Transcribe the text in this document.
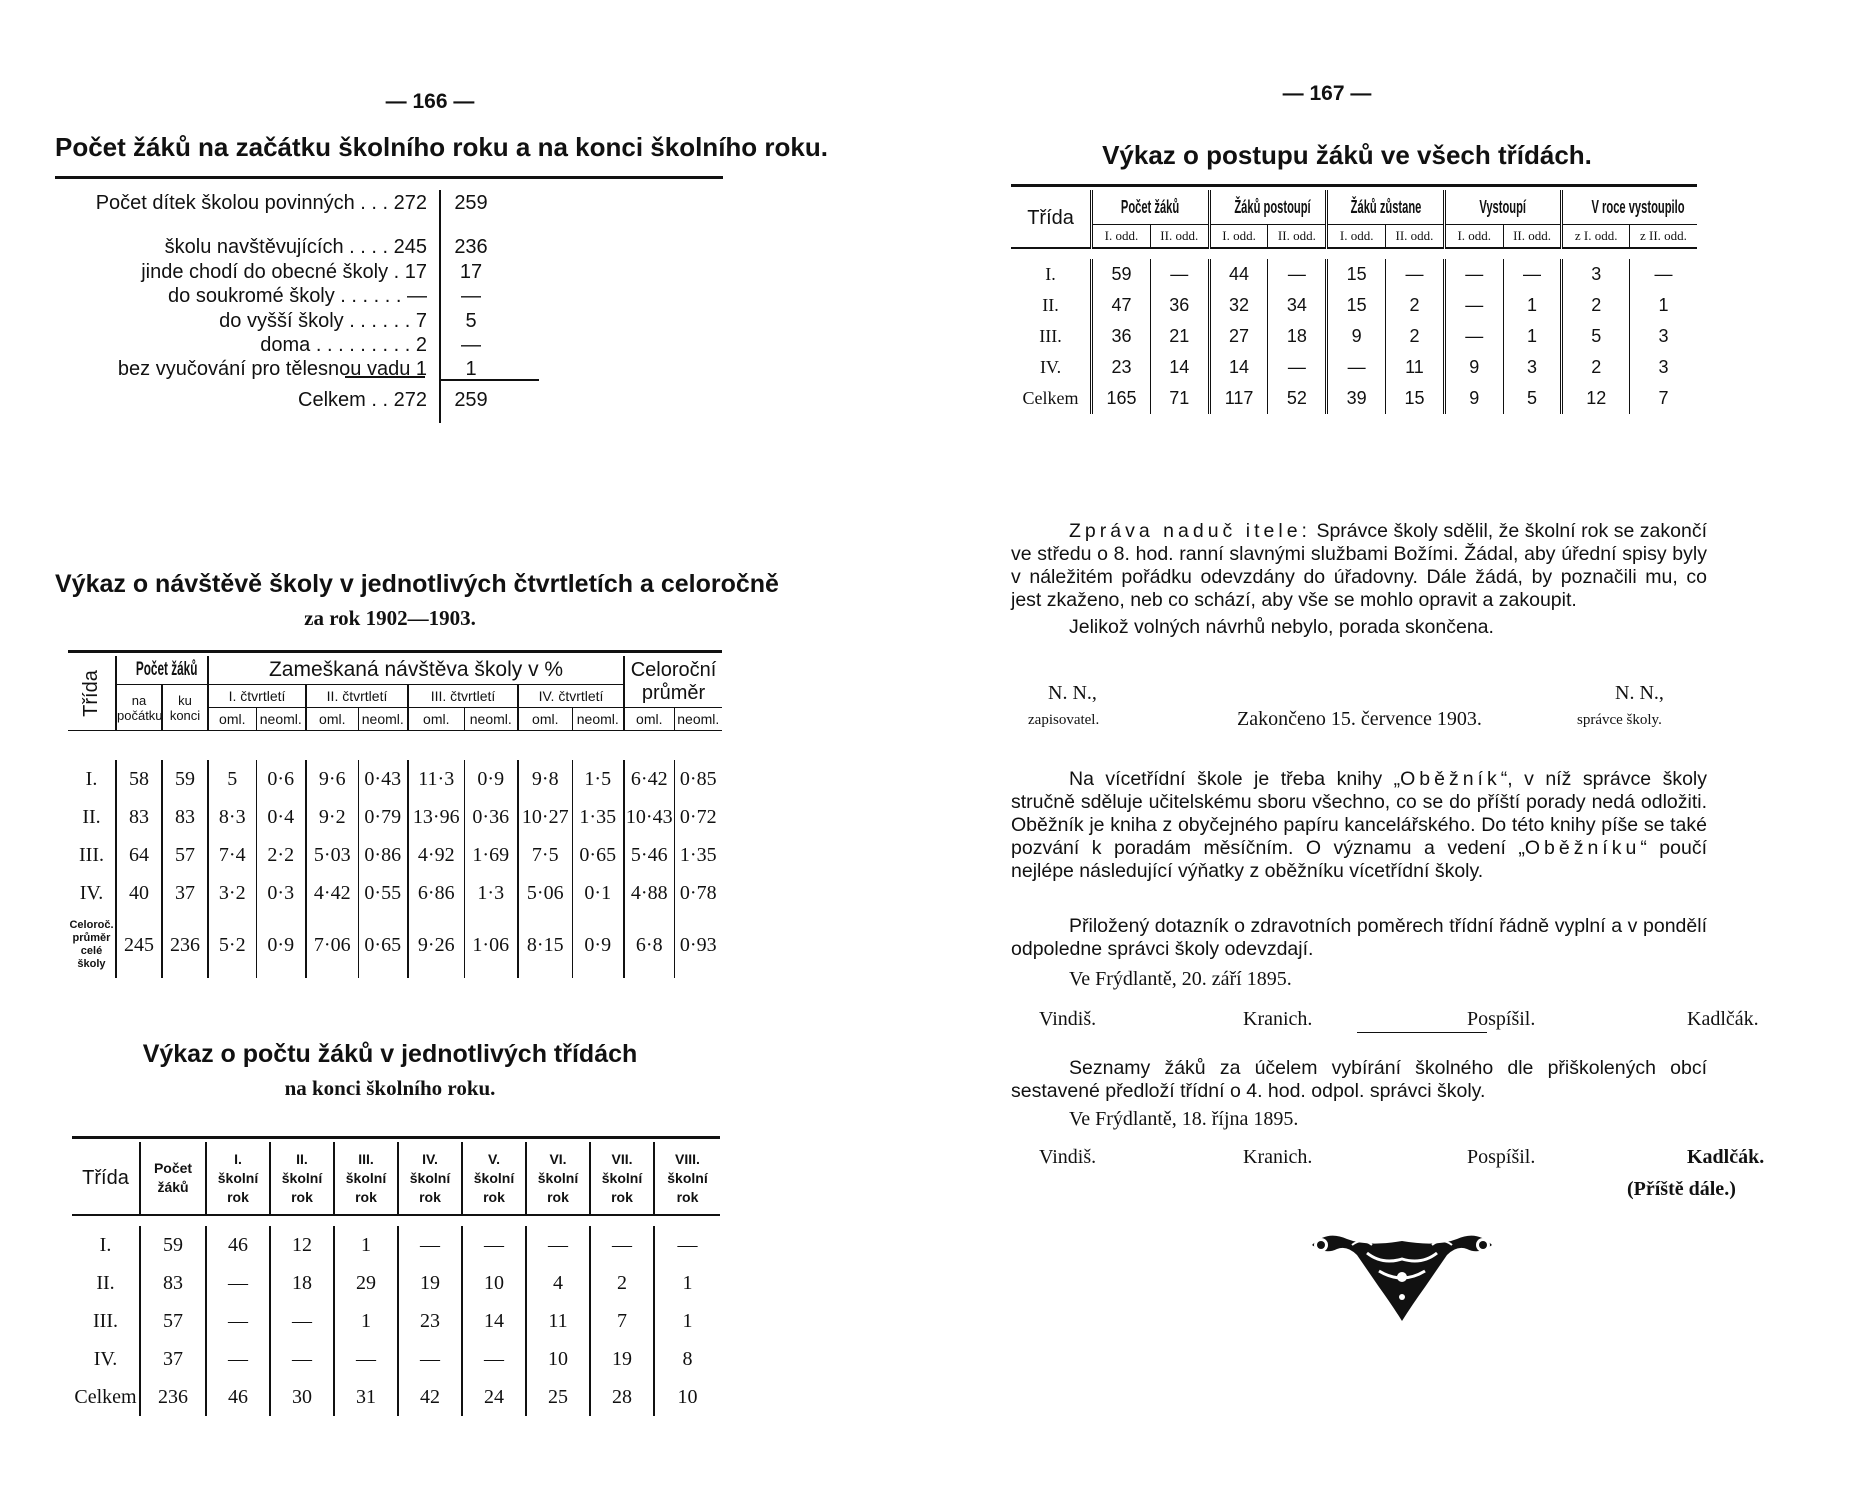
— 166 —
Počet žáků na začátku školního roku a na konci školního roku.
Počet dítek školou povinných . . . 272	259
školu navštěvujících . . . . 245	236
jinde chodí do obecné školy . 17	17
do soukromé školy . . . . . . —	—
do vyšší školy . . . . . . 7	5
doma . . . . . . . . . 2	—
bez vyučování pro tělesnou vadu 1	1
Celkem . . 272	259
Výkaz o návštěvě školy v jednotlivých čtvrtletích a celoročně
za rok 1902—1903.
Třída	Počet žáků		Zameškaná návštěva školy v %								Celoroční průměr	
	na počátku	ku konci	I. čtvrtletí		II. čtvrtletí		III. čtvrtletí		IV. čtvrtletí			
			oml.	neoml.	oml.	neoml.	oml.	neoml.	oml.	neoml.	oml.	neoml.

I.	58	59	5	0·6	9·6	0·43	11·3	0·9	9·8	1·5	6·42	0·85
II.	83	83	8·3	0·4	9·2	0·79	13·96	0·36	10·27	1·35	10·43	0·72
III.	64	57	7·4	2·2	5·03	0·86	4·92	1·69	7·5	0·65	5·46	1·35
IV.	40	37	3·2	0·3	4·42	0·55	6·86	1·3	5·06	0·1	4·88	0·78
Celoroč. průměr celé školy	245	236	5·2	0·9	7·06	0·65	9·26	1·06	8·15	0·9	6·8	0·93
Výkaz o počtu žáků v jednotlivých třídách
na konci školního roku.
Třída	Počet žáků	I. školní rok	II. školní rok	III. školní rok	IV. školní rok	V. školní rok	VI. školní rok	VII. školní rok	VIII. školní rok

I.	59	46	12	1	—	—	—	—	—
II.	83	—	18	29	19	10	4	2	1
III.	57	—	—	1	23	14	11	7	1
IV.	37	—	—	—	—	—	10	19	8
Celkem	236	46	30	31	42	24	25	28	10

— 167 —
Výkaz o postupu žáků ve všech třídách.
Třída	Počet žáků		Žáků postoupí		Žáků zůstane		Vystoupí		V roce vystoupilo	
	I. odd.	II. odd.	I. odd.	II. odd.	I. odd.	II. odd.	I. odd.	II. odd.	z I. odd.	z II. odd.

I.	59	—	44	—	15	—	—	—	3	—
II.	47	36	32	34	15	2	—	1	2	1
III.	36	21	27	18	9	2	—	1	5	3
IV.	23	14	14	—	—	11	9	3	2	3
Celkem	165	71	117	52	39	15	9	5	12	7

Zpráva naduč itele: Správce školy sdělil, že školní rok se zakončí ve středu o 8. hod. ranní slavnými službami Božími. Žádal, aby úřední spisy byly v náležitém pořádku odevzdány do úřadovny. Dále žádá, by poznačili mu, co jest zkaženo, neb co schází, aby vše se mohlo opravit a zakoupit.

Jelikož volných návrhů nebylo, porada skončena.

N. N.,
zapisovatel.	Zakončeno 15. července 1903.
N. N.,
správce školy.

Na vícetřídní škole je třeba knihy „Oběžník“, v níž správce školy stručně sděluje učitelskému sboru všechno, co se do příští porady nedá odložiti. Oběžník je kniha z obyčejného papíru kancelářského. Do této knihy píše se také pozvání k poradám měsíčním. O významu a vedení „Oběžníku“ poučí nejlépe následující výňatky z oběžníku vícetřídní školy.

Přiložený dotazník o zdravotních poměrech třídní řádně vyplní a v pondělí odpoledne správci školy odevzdají.

Ve Frýdlantě, 20. září 1895.
Vindiš.	Kranich.	Pospíšil.	Kadlčák.

Seznamy žáků za účelem vybírání školného dle přiškolených obcí sestavené předloží třídní o 4. hod. odpol. správci školy.

Ve Frýdlantě, 18. října 1895.
Vindiš.	Kranich.	Pospíšil.	Kadlčák.
(Příště dále.)
